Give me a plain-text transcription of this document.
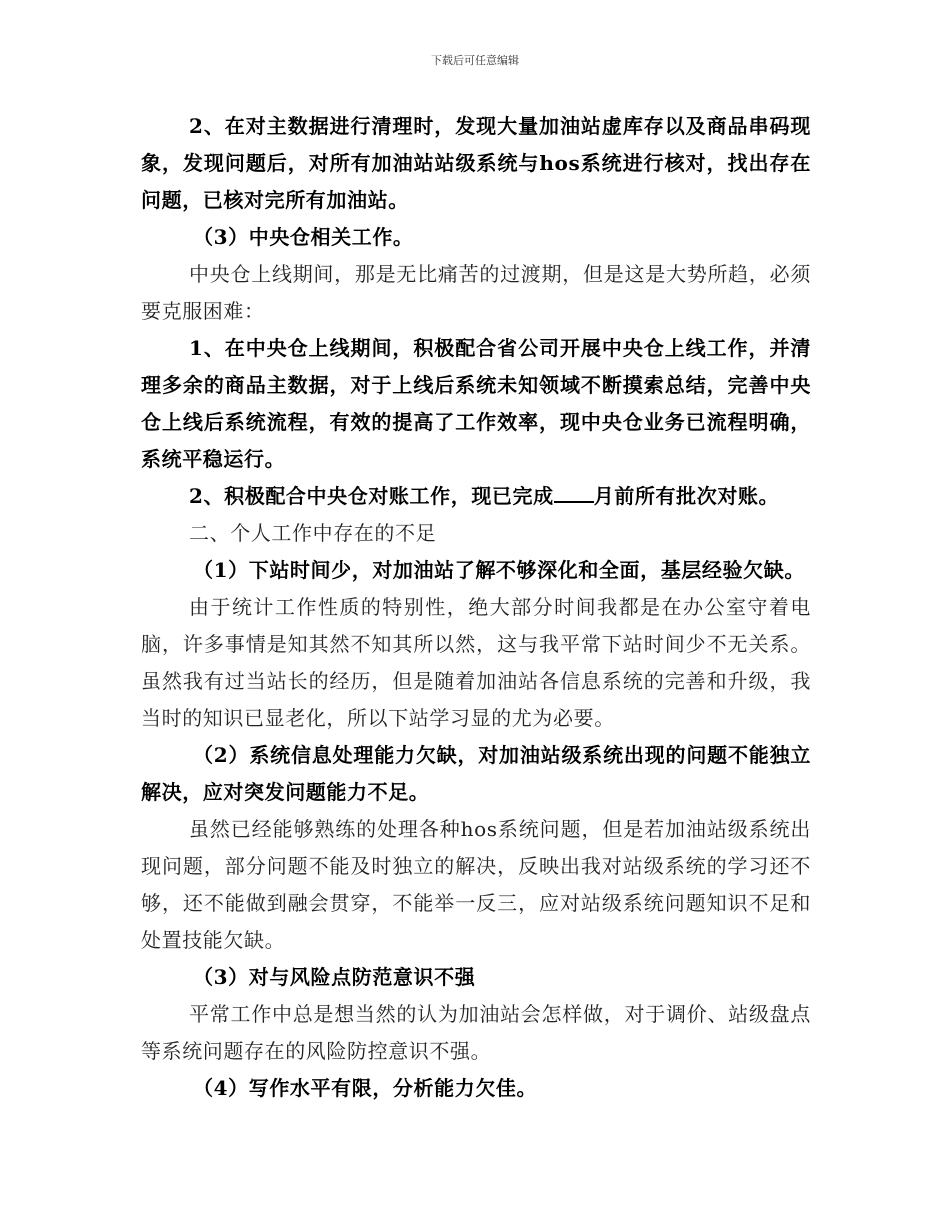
下载后可任意编辑

2、在对主数据进行清理时，发现大量加油站虚库存以及商品串码现象，发现问题后，对所有加油站站级系统与hos系统进行核对，找出存在问题，已核对完所有加油站。

（3）中央仓相关工作。

中央仓上线期间，那是无比痛苦的过渡期，但是这是大势所趋，必须要克服困难：

1、在中央仓上线期间，积极配合省公司开展中央仓上线工作，并清理多余的商品主数据，对于上线后系统未知领域不断摸索总结，完善中央仓上线后系统流程，有效的提高了工作效率，现中央仓业务已流程明确，系统平稳运行。

2、积极配合中央仓对账工作，现已完成 月前所有批次对账。

二、个人工作中存在的不足

（1）下站时间少，对加油站了解不够深化和全面，基层经验欠缺。

由于统计工作性质的特别性，绝大部分时间我都是在办公室守着电脑，许多事情是知其然不知其所以然，这与我平常下站时间少不无关系。虽然我有过当站长的经历，但是随着加油站各信息系统的完善和升级，我当时的知识已显老化，所以下站学习显的尤为必要。

（2）系统信息处理能力欠缺，对加油站级系统出现的问题不能独立解决，应对突发问题能力不足。

虽然已经能够熟练的处理各种hos系统问题，但是若加油站级系统出现问题，部分问题不能及时独立的解决，反映出我对站级系统的学习还不够，还不能做到融会贯穿，不能举一反三，应对站级系统问题知识不足和处置技能欠缺。

（3）对与风险点防范意识不强

平常工作中总是想当然的认为加油站会怎样做，对于调价、站级盘点等系统问题存在的风险防控意识不强。

（4）写作水平有限，分析能力欠佳。
